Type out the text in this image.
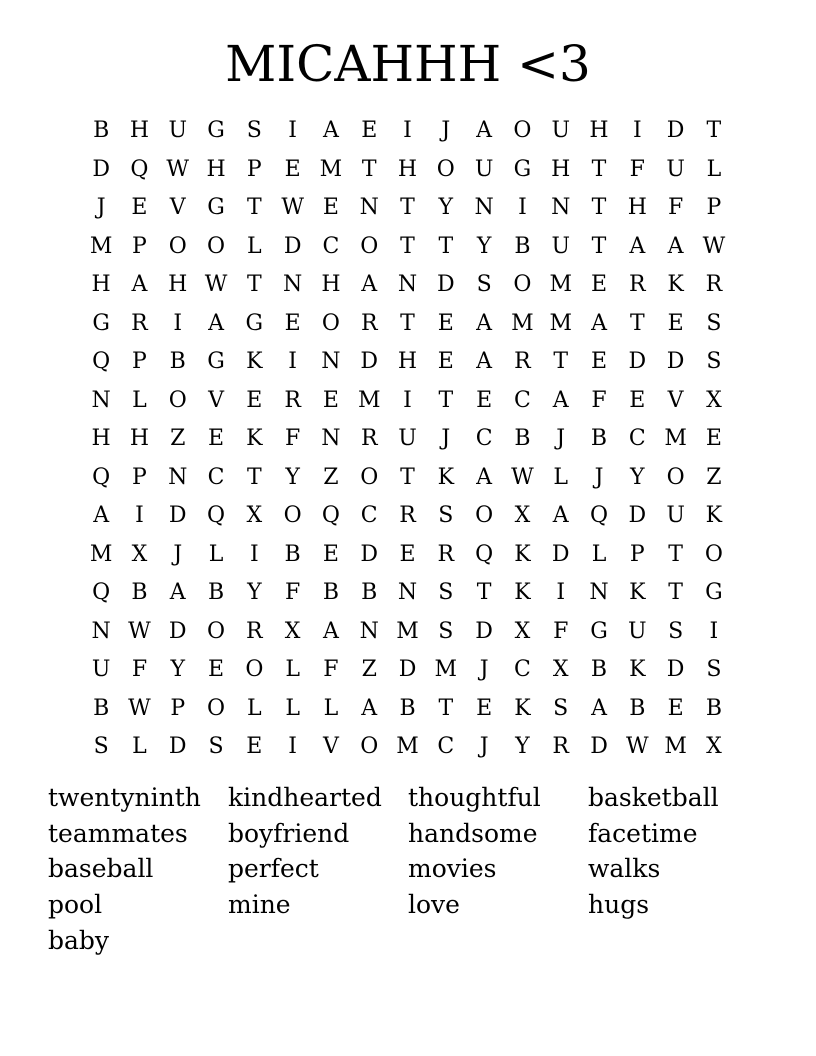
MICAHHH <3
B H U G S	I	A	E	I	J	A O U H	I	D	T
D Q W H P	E M T H O U G H T	F U L
J	E	V G	T W E N T	Y N	I	N T H F	P
M P O O L	D C O T	T	Y	B U T	A	A W
H A H W T N H A N D S O M E R K R
G R	I	A G E O R	T	E	A M M A	T	E	S
Q P	B G K	I	N D H E	A	R	T	E D D S
N L O V	E R E M	I	T	E C A	F	E	V	X
H H Z	E	K	F N R U	J	C B	J	B C M E
Q P N C	T	Y	Z O T	K	A W L	J	Y	O Z
A	I	D Q X O Q C R	S O X	A Q D U K
M X	J	L	I	B	E D E R Q K D	L	P	T O
Q B	A	B	Y	F	B	B N S	T	K	I	N K	T	G
N W D O R	X	A N M S D X	F G U S	I
U F	Y	E O L	F	Z D M	J	C	X	B K D S
B W P O L	L	L	A	B	T	E	K	S	A	B	E	B
S	L	D S	E	I	V O M C	J	Y	R D W M X
twentyninth	kindhearted	thoughtful	basketball
teammates	boyfriend	handsome	facetime
baseball	perfect	movies	walks
pool	mine	love	hugs
baby
